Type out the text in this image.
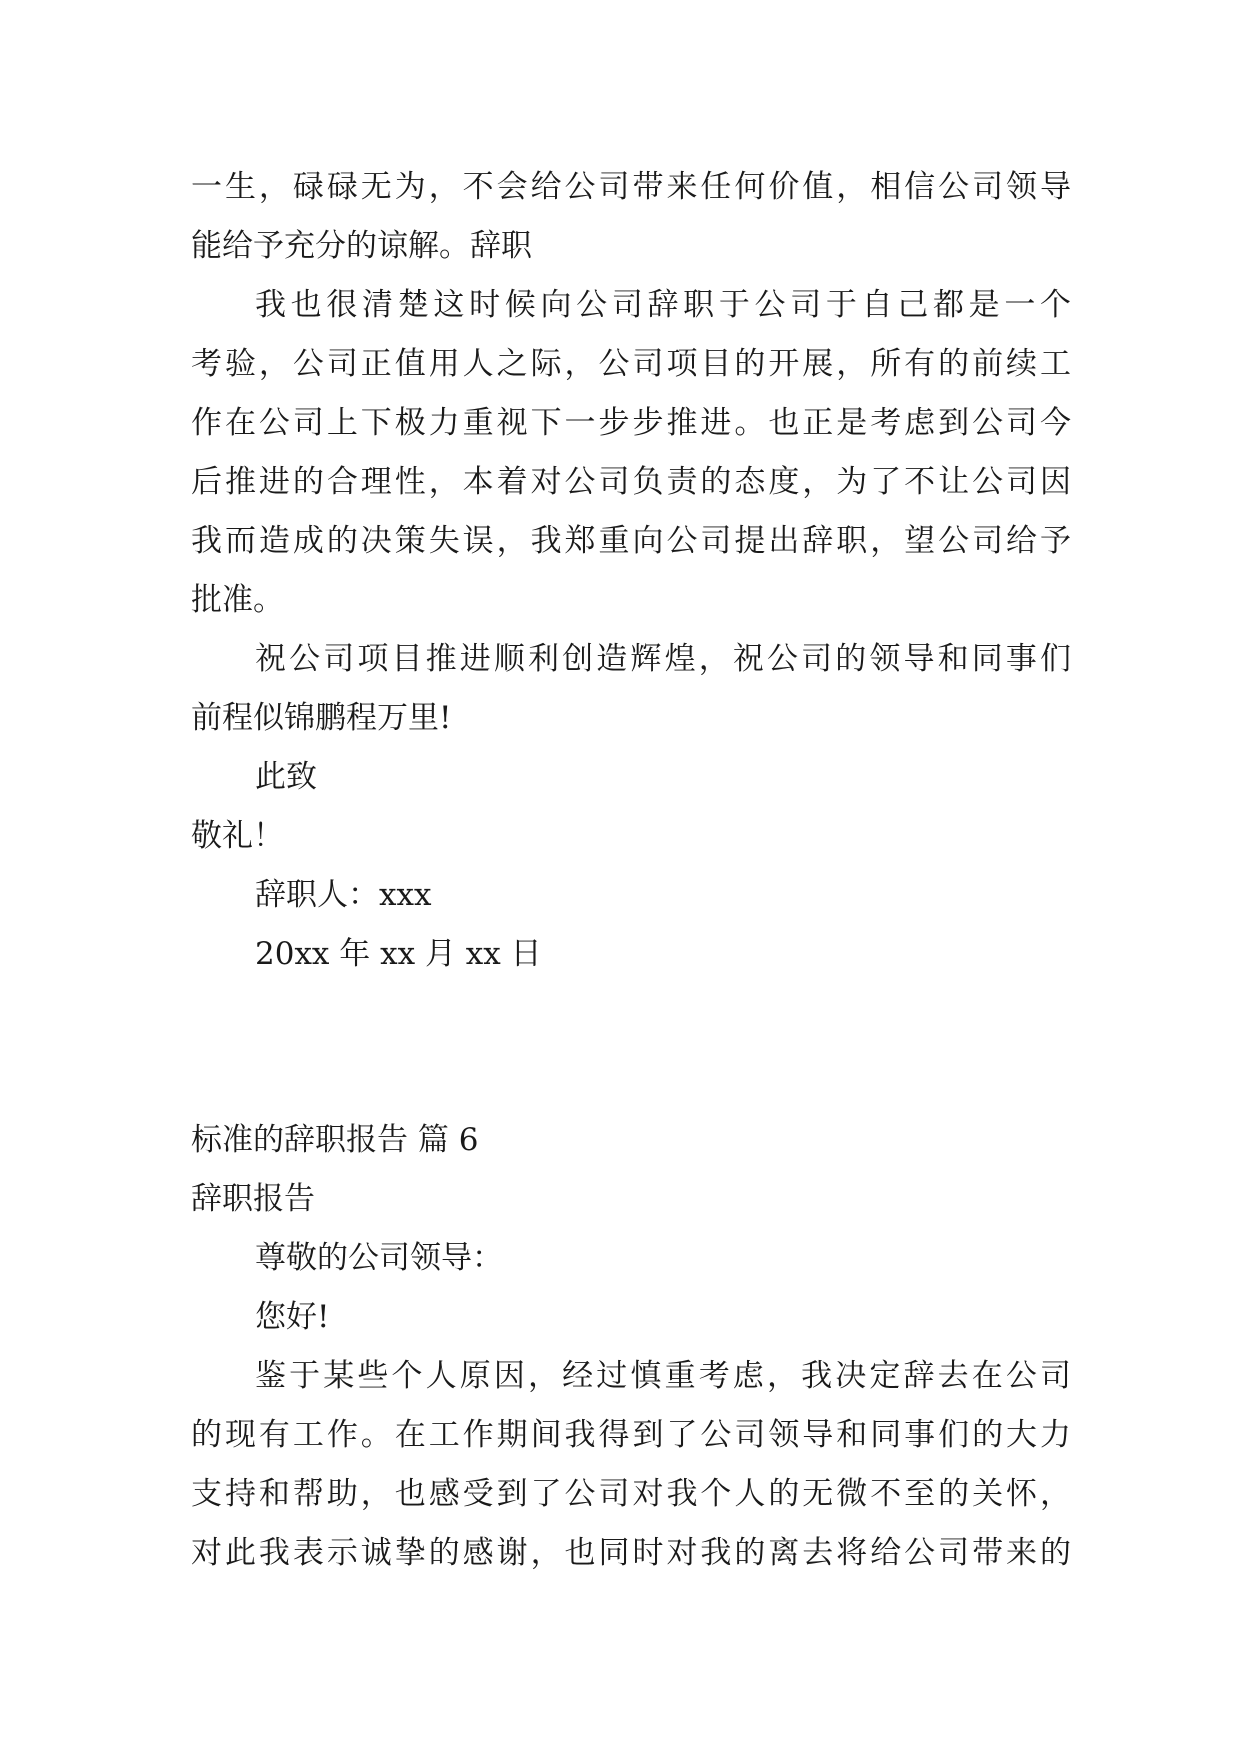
一生，碌碌无为，不会给公司带来任何价值，相信公司领导
能给予充分的谅解。辞职
我也很清楚这时候向公司辞职于公司于自己都是一个
考验，公司正值用人之际，公司项目的开展，所有的前续工
作在公司上下极力重视下一步步推进。也正是考虑到公司今
后推进的合理性，本着对公司负责的态度，为了不让公司因
我而造成的决策失误，我郑重向公司提出辞职，望公司给予
批准。
祝公司项目推进顺利创造辉煌，祝公司的领导和同事们
前程似锦鹏程万里!
此致
敬礼！
辞职人：xxx
20xx 年 xx 月 xx 日
标准的辞职报告 篇 6
辞职报告
尊敬的公司领导：
您好!
鉴于某些个人原因，经过慎重考虑，我决定辞去在公司
的现有工作。在工作期间我得到了公司领导和同事们的大力
支持和帮助，也感受到了公司对我个人的无微不至的关怀，
对此我表示诚挚的感谢，也同时对我的离去将给公司带来的
